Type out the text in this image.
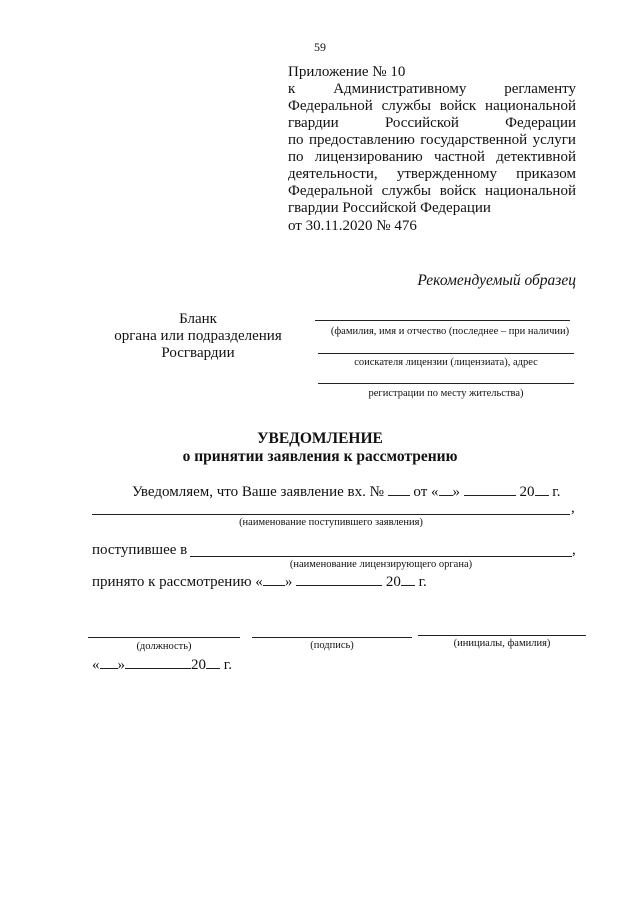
59
Приложение № 10
к	Административному	регламенту
Федеральной службы войск национальной
гвардии	Российской	Федерации
по предоставлению государственной услуги
по лицензированию частной детективной
деятельности, утвержденному приказом
Федеральной службы войск национальной
гвардии Российской Федерации
от 30.11.2020 № 476
Рекомендуемый образец
Бланк
органа или подразделения
Росгвардии
(фамилия, имя и отчество (последнее – при наличии)
соискателя лицензии (лицензиата), адрес
регистрации по месту жительства)
УВЕДОМЛЕНИЕ
о принятии заявления к рассмотрению
Уведомляем, что Ваше заявление вх. № от « »	20 г.
,
(наименование поступившего заявления)
поступившее в	,
(наименование лицензирующего органа)
принято к рассмотрению « »	20 г.
(должность)	(подпись)	(инициалы, фамилия)
« »	20 г.
